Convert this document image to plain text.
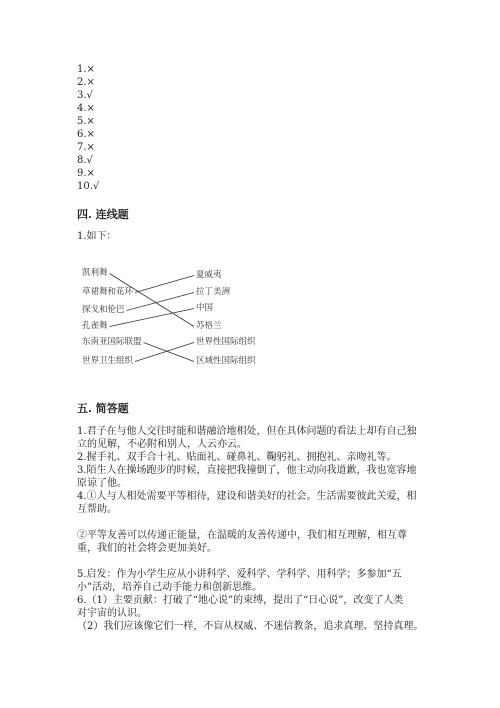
1.×
2.×
3.√
4.×
5.×
6.×
7.×
8.√
9.×
10.√
四. 连线题
1.如下：
凯利舞
草裙舞和花环
探戈和伦巴
孔雀舞
东南亚国际联盟
世界卫生组织
夏威夷
拉丁美洲
中国
苏格兰
世界性国际组织
区域性国际组织
五. 简答题
1.君子在与他人交往时能和谐融洽地相处，但在具体问题的看法上却有自己独
立的见解，不必附和别人，人云亦云。
2.握手礼、双手合十礼、贴面礼、碰鼻礼、鞠躬礼、拥抱礼、亲吻礼等。
3.陌生人在操场跑步的时候，直接把我撞倒了，他主动向我道歉，我也宽容地
原谅了他。
4.①人与人相处需要平等相待，建设和谐美好的社会。生活需要彼此关爱，相
互帮助。
②平等友善可以传递正能量，在温暖的友善传递中，我们相互理解，相互尊
重，我们的社会将会更加美好。
5.启发：作为小学生应从小讲科学、爱科学、学科学、用科学；多参加“五
小”活动，培养自己动手能力和创新思维。
6.（1）主要贡献：打破了“地心说”的束缚，提出了“日心说”，改变了人类
对宇宙的认识。
（2）我们应该像它们一样，不盲从权威、不迷信教条，追求真理、坚持真理。
